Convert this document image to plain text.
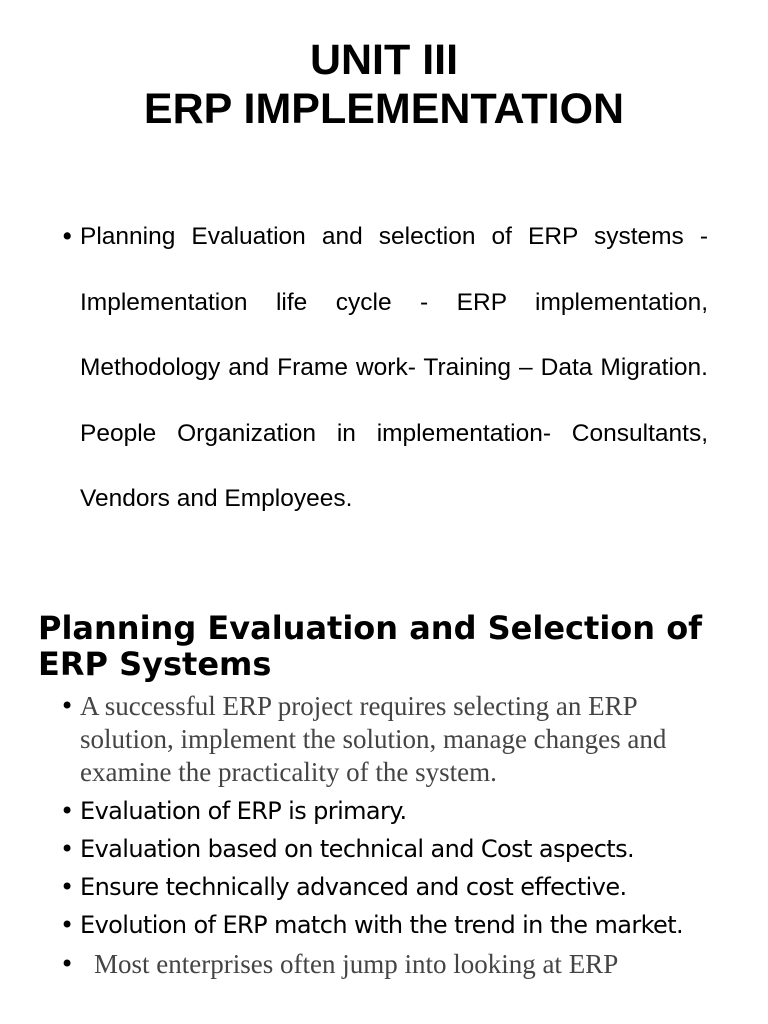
UNIT III
ERP IMPLEMENTATION
• Planning Evaluation and selection of ERP systems - Implementation life cycle - ERP implementation, Methodology and Frame work- Training – Data Migration. People Organization in implementation- Consultants, Vendors and Employees.
Planning Evaluation and Selection of ERP Systems
• A successful ERP project requires selecting an ERP solution, implement the solution, manage changes and examine the practicality of the system.
• Evaluation of ERP is primary.
• Evaluation based on technical and Cost aspects.
• Ensure technically advanced and cost effective.
• Evolution of ERP match with the trend in the market.
• Most enterprises often jump into looking at ERP
